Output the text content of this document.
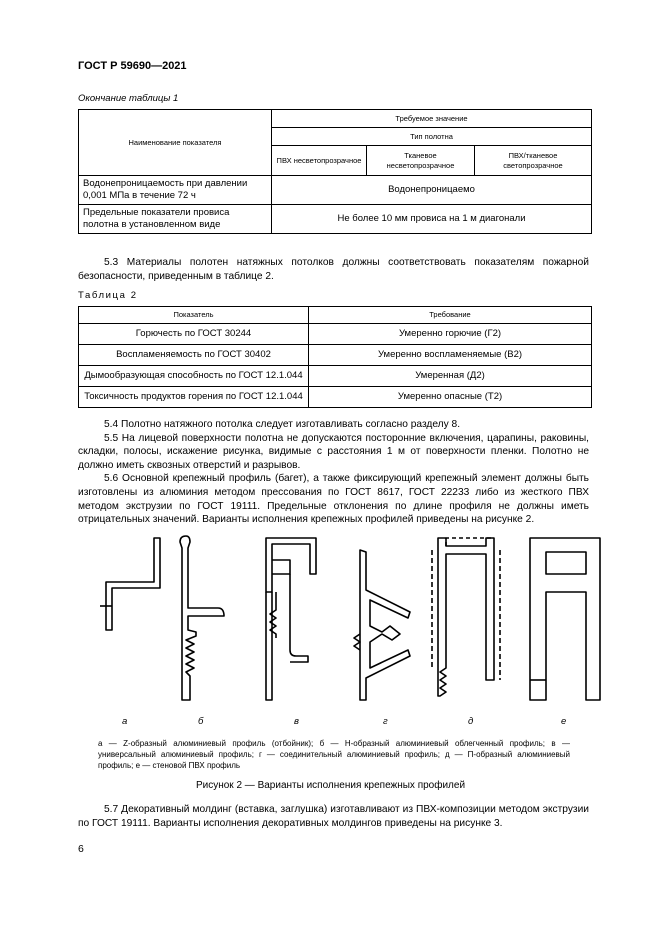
ГОСТ Р 59690—2021
Окончание таблицы 1
Наименование показателя	Требуемое значение		
	Тип полотна		
	ПВХ несветопрозрачное	Тканевое несветопрозрачное	ПВХ/тканевое светопрозрачное
Водонепроницаемость при давлении 0,001 МПа в течение 72 ч	Водонепроницаемо		
Предельные показатели провиса полотна в установленном виде	Не более 10 мм провиса на 1 м диагонали		

5.3 Материалы полотен натяжных потолков должны соответствовать показателям пожарной безопасности, приведенным в таблице 2.

Таблица 2
Показатель	Требование
Горючесть по ГОСТ 30244	Умеренно горючие (Г2)
Воспламеняемость по ГОСТ 30402	Умеренно воспламеняемые (В2)
Дымообразующая способность по ГОСТ 12.1.044	Умеренная (Д2)
Токсичность продуктов горения по ГОСТ 12.1.044	Умеренно опасные (Т2)

5.4 Полотно натяжного потолка следует изготавливать согласно разделу 8.

5.5 На лицевой поверхности полотна не допускаются посторонние включения, царапины, раковины, складки, полосы, искажение рисунка, видимые с расстояния 1 м от поверхности пленки. Полотно не должно иметь сквозных отверстий и разрывов.

5.6 Основной крепежный профиль (багет), а также фиксирующий крепежный элемент должны быть изготовлены из алюминия методом прессования по ГОСТ 8617, ГОСТ 22233 либо из жесткого ПВХ методом экструзии по ГОСТ 19111. Предельные отклонения по длине профиля не должны иметь отрицательных значений. Варианты исполнения крепежных профилей приведены на рисунке 2.

а	б	в	г	д	е
а — Z-образный алюминиевый профиль (отбойник); б — Н-образный алюминиевый облегченный профиль; в — универсальный алюминиевый профиль; г — соединительный алюминиевый профиль; д — П-образный алюминиевый профиль; е — стеновой ПВХ профиль
Рисунок 2 — Варианты исполнения крепежных профилей

5.7 Декоративный молдинг (вставка, заглушка) изготавливают из ПВХ-композиции методом экструзии по ГОСТ 19111. Варианты исполнения декоративных молдингов приведены на рисунке 3.

6
